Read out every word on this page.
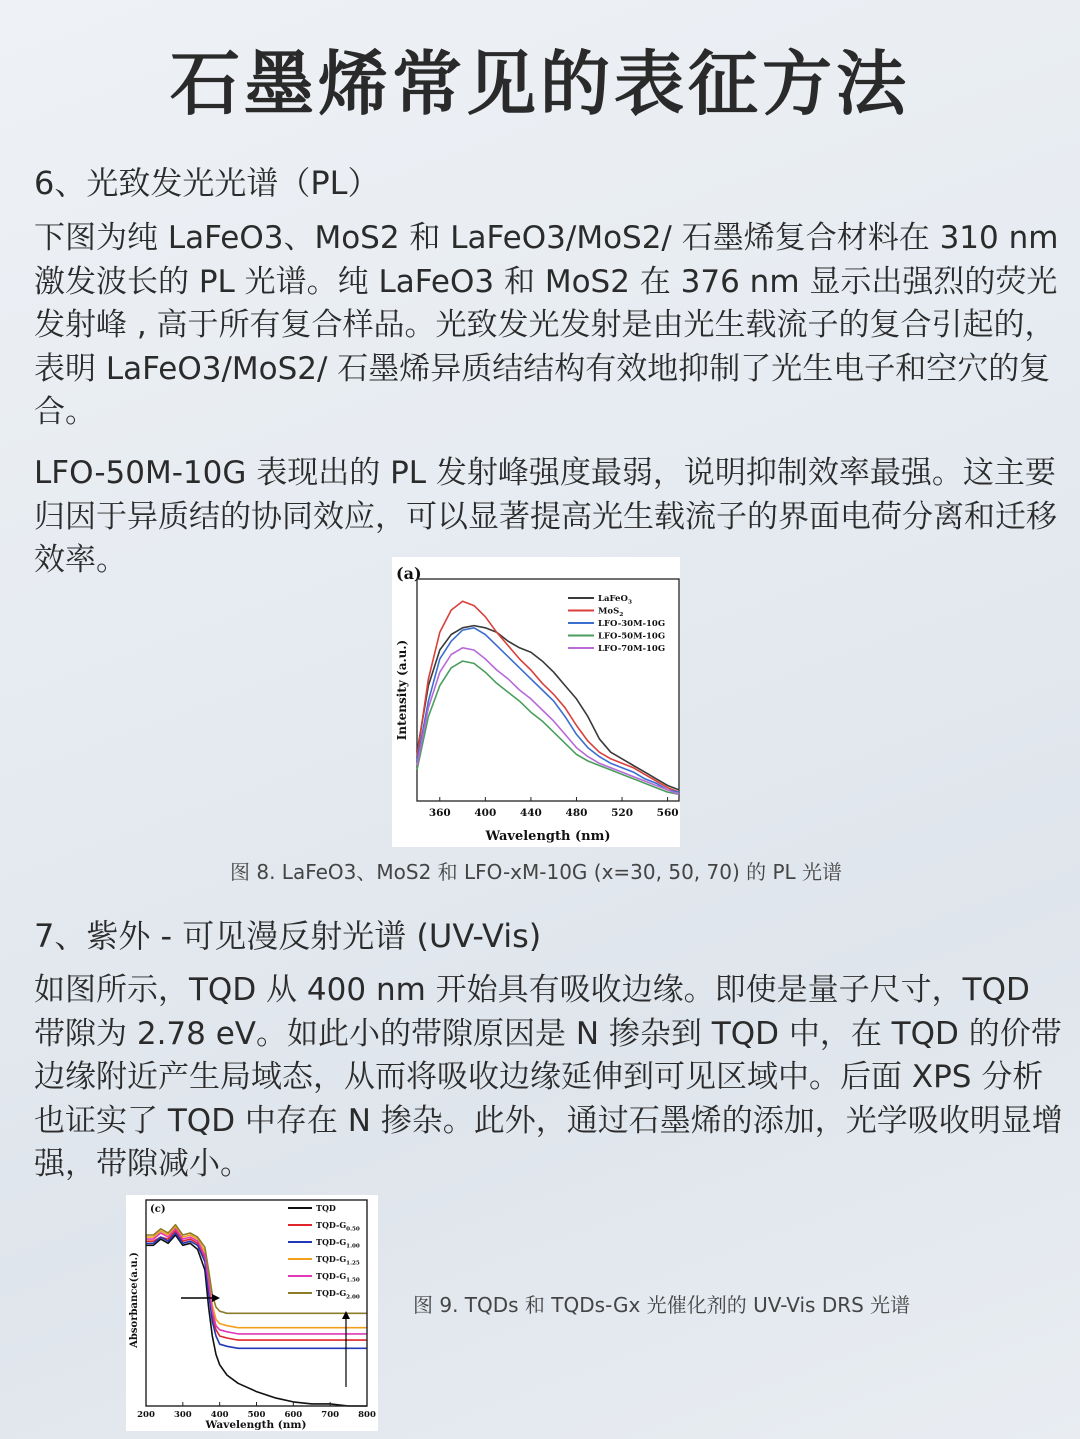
石墨烯常见的表征方法
6、光致发光光谱（PL）

下图为纯 LaFeO3、MoS2 和 LaFeO3/MoS2/ 石墨烯复合材料在 310 nm 激发波长的 PL 光谱。纯 LaFeO3 和 MoS2 在 376 nm 显示出强烈的荧光发射峰 , 高于所有复合样品。光致发光发射是由光生载流子的复合引起的，表明 LaFeO3/MoS2/ 石墨烯异质结结构有效地抑制了光生电子和空穴的复合。

LFO-50M-10G 表现出的 PL 发射峰强度最弱，说明抑制效率最强。这主要归因于异质结的协同效应，可以显著提高光生载流子的界面电荷分离和迁移效率。	(a)
360 400 440 480 520 560
LaFeO$_3$
MoS$_2$
LFO-30M-10G
LFO-50M-10G
LFO-70M-10G
Wavelength (nm)
Intensity (a.u.)
图 8. LaFeO3、MoS2 和 LFO-xM-10G (x=30, 50, 70) 的 PL 光谱
7、紫外 - 可见漫反射光谱 (UV-Vis)

如图所示，TQD 从 400 nm 开始具有吸收边缘。即使是量子尺寸，TQD 带隙为 2.78 eV。如此小的带隙原因是 N 掺杂到 TQD 中，在 TQD 的价带边缘附近产生局域态，从而将吸收边缘延伸到可见区域中。后面 XPS 分析也证实了 TQD 中存在 N 掺杂。此外，通过石墨烯的添加，光学吸收明显增强，带隙减小。

(c)
200 300 400 500 600 700 800
TQD
TQD-$G_{0.50}$
TQD-$G_{1.00}$
TQD-$G_{1.25}$
TQD-$G_{1.50}$
TQD-$G_{2.00}$
Wavelength (nm)
Absorbance(a.u.)	图 9. TQDs 和 TQDs-Gx 光催化剂的 UV-Vis DRS 光谱
